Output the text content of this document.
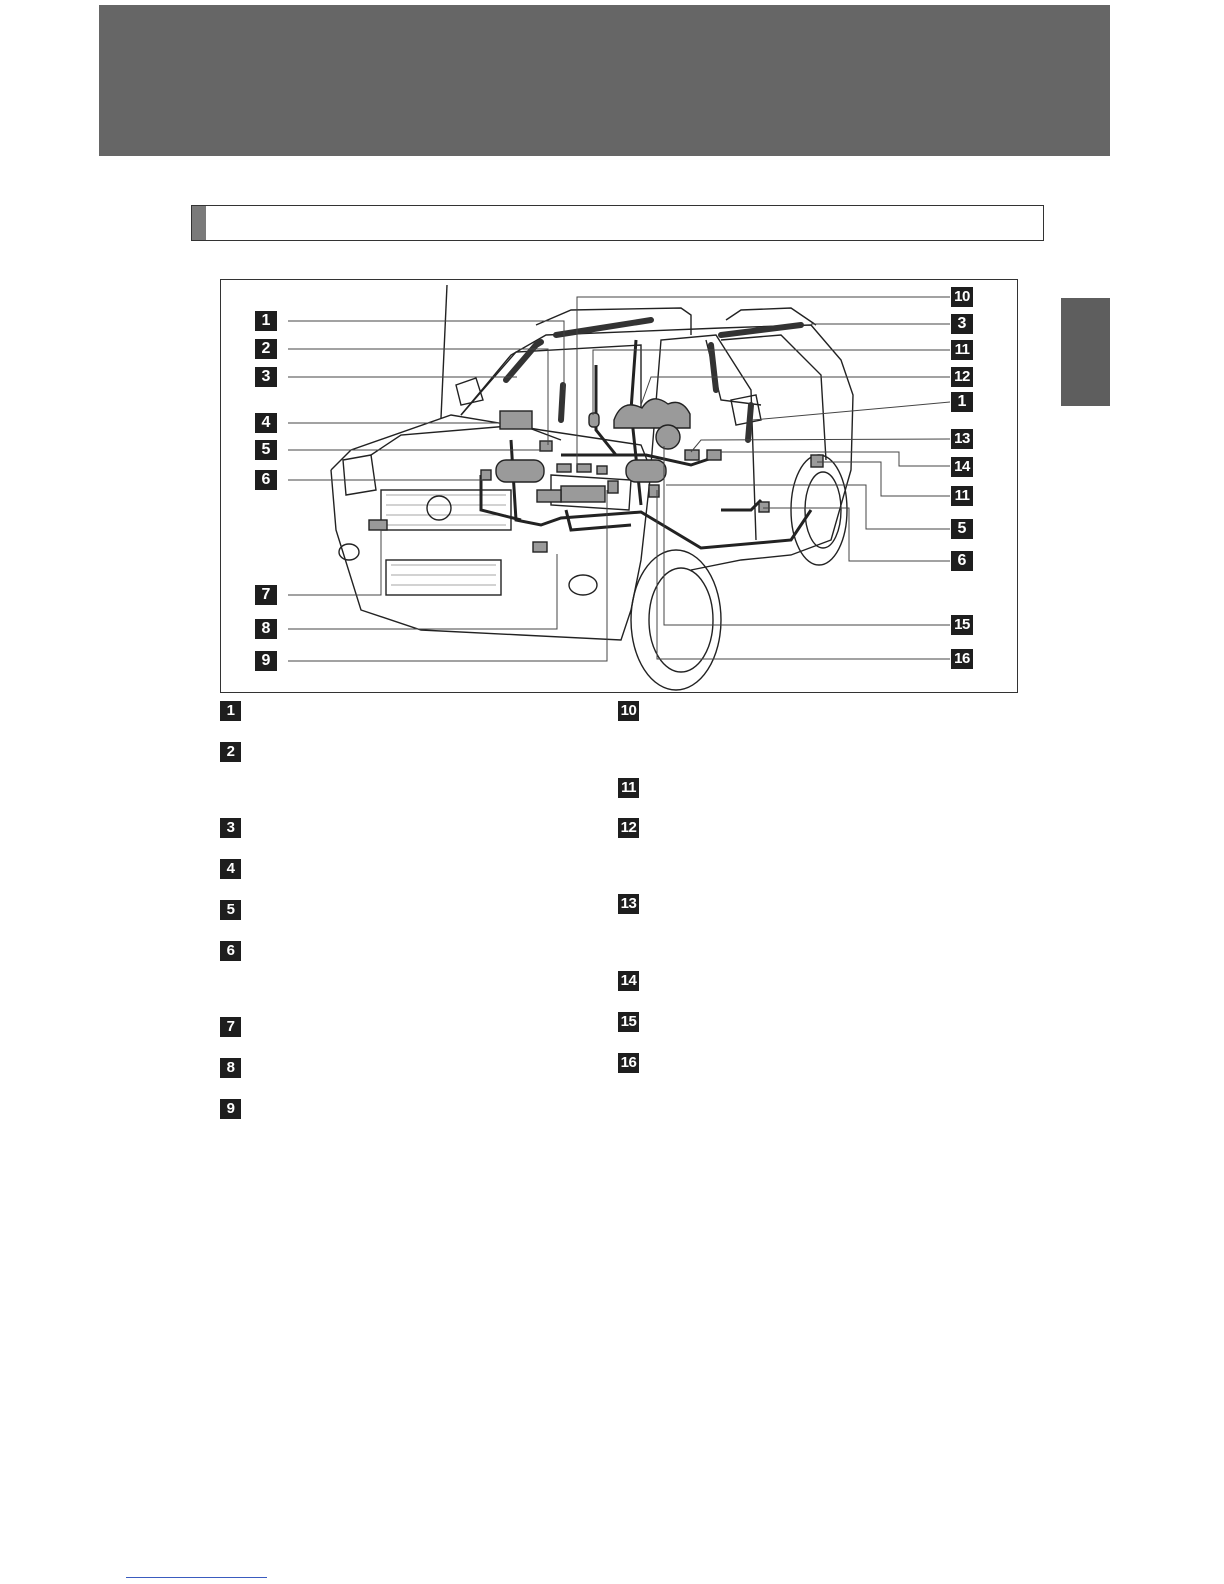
1
2
3
4
5
6
7
8
9
10
3
11
12
1
13
14
11
5
6
15
16
1
2
3
4
5
6
7
8
9
10
11
12
13
14
15
16
